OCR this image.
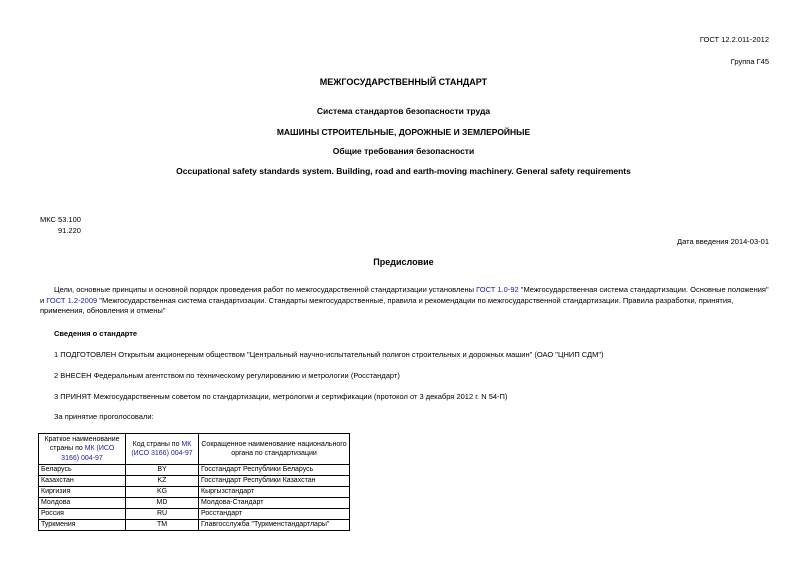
ГОСТ 12.2.011-2012
Группа Г45
МЕЖГОСУДАРСТВЕННЫЙ СТАНДАРТ
Система стандартов безопасности труда
МАШИНЫ СТРОИТЕЛЬНЫЕ, ДОРОЖНЫЕ И ЗЕМЛЕРОЙНЫЕ
Общие требования безопасности
Occupational safety standards system. Building, road and earth-moving machinery. General safety requirements
МКС 53.100
91.220
Дата введения 2014-03-01
Предисловие
Цели, основные принципы и основной порядок проведения работ по межгосударственной стандартизации установлены ГОСТ 1.0-92 "Межгосударственная система стандартизации. Основные положения" и ГОСТ 1.2-2009 "Межгосударственная система стандартизации. Стандарты межгосударственные, правила и рекомендации по межгосударственной стандартизации. Правила разработки, принятия, применения, обновления и отмены"
Сведения о стандарте
1 ПОДГОТОВЛЕН Открытым акционерным обществом "Центральный научно-испытательный полигон строительных и дорожных машин" (ОАО "ЦНИП СДМ")
2 ВНЕСЕН Федеральным агентством по техническому регулированию и метрологии (Росстандарт)
3 ПРИНЯТ Межгосударственным советом по стандартизации, метрологии и сертификации (протокол от 3 декабря 2012 г. N 54-П)
За принятие проголосовали:
Краткое наименование страны по МК (ИСО 3166) 004-97	Код страны по МК (ИСО 3166) 004-97	Сокращенное наименование национального органа по стандартизации
Беларусь	BY	Госстандарт Республики Беларусь
Казахстан	KZ	Госстандарт Республики Казахстан
Киргизия	KG	Кыргызстандарт
Молдова	MD	Молдова-Стандарт
Россия	RU	Росстандарт
Туркмения	TM	Главгосслужба "Туркменстандартлары"
